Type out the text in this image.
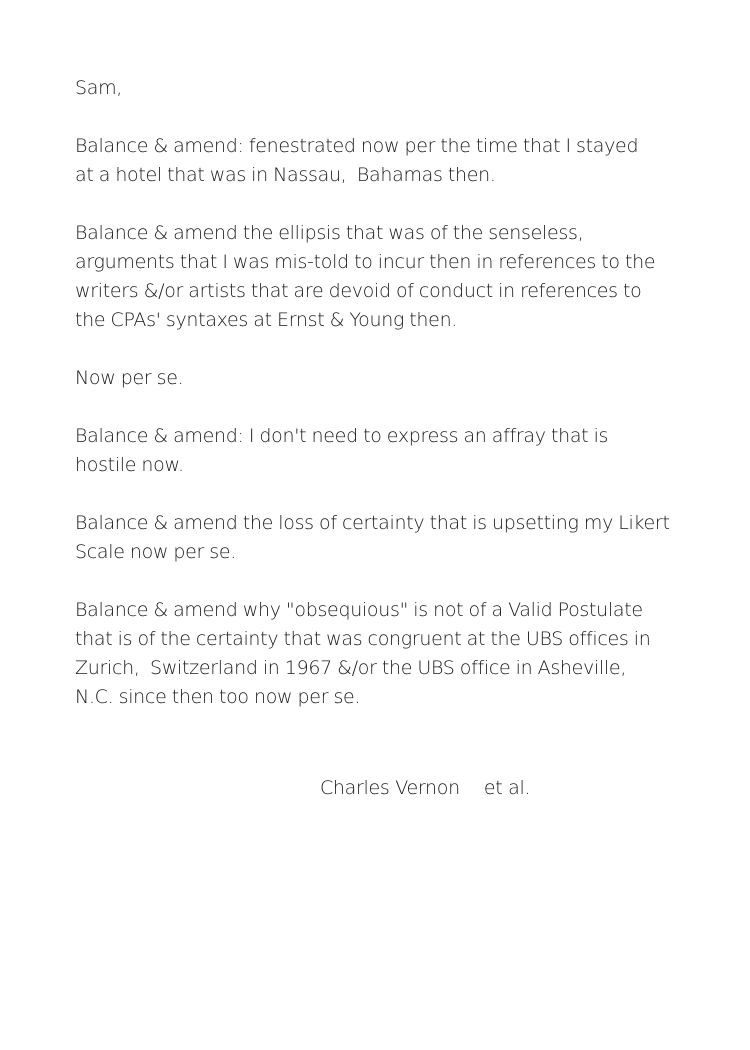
Sam,

Balance & amend: fenestrated now per the time that I stayed
at a hotel that was in Nassau,  Bahamas then.

Balance & amend the ellipsis that was of the senseless,
arguments that I was mis-told to incur then in references to the
writers &/or artists that are devoid of conduct in references to
the CPAs' syntaxes at Ernst & Young then.

Now per se.

Balance & amend: I don't need to express an affray that is
hostile now.

Balance & amend the loss of certainty that is upsetting my Likert
Scale now per se.

Balance & amend why "obsequious" is not of a Valid Postulate
that is of the certainty that was congruent at the UBS offices in
Zurich,  Switzerland in 1967 &/or the UBS office in Asheville,
N.C. since then too now per se.

Charles Vernon et al.
